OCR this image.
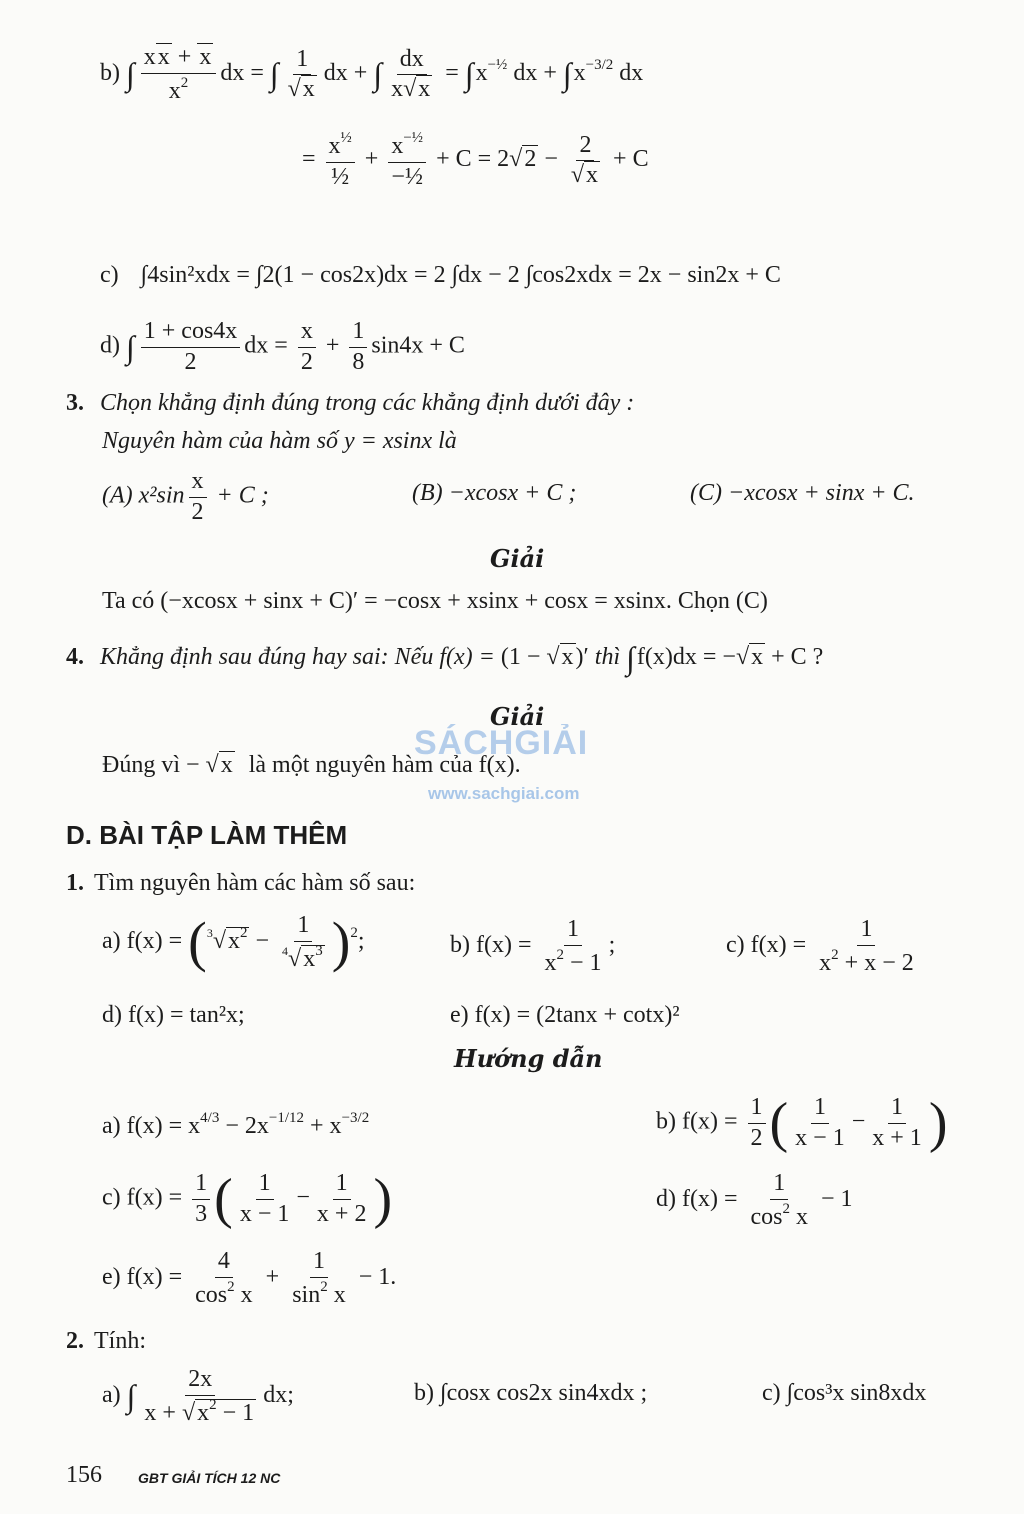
b) ∫ $\frac{xx + x}{x^2}$ dx = ∫ $\frac{1}{√x}$ dx + ∫ $\frac{dx}{x√x} = \int x^{-\frac{1}{2}}$ dx + $\int x^{-3/2}$ dx
= $\frac{x^{\frac{1}{2}}}{\text{½}} + \frac{x^{-\frac{1}{2}}}{\text{−½}} + C = 2√2 - \frac{2}{√x} + C$
c) ∫4sin²xdx = ∫2(1 − cos2x)dx = 2 ∫dx − 2 ∫cos2xdx = 2x − sin2x + C
d) ∫ $\frac{1 + \cos 4x}{2}$ dx = $\frac{x}{2} + \frac{1}{8} \sin 4x + C$
3. Chọn khẳng định đúng trong các khẳng định dưới đây :
Nguyên hàm của hàm số y = xsinx là
(A) $x^2\sin \frac{x}{2} + C$ ;	(B) −xcosx + C ;	(C) −xcosx + sinx + C.
Giải
Ta có (−xcosx + sinx + C)′ = −cosx + xsinx + cosx = xsinx. Chọn (C)
4. Khẳng định sau đúng hay sai: Nếu f(x) = (1 − √x)′ thì ∫f(x)dx = −√x + C ?
Giải
Đúng vì − √x là một nguyên hàm của f(x).
SÁCHGIẢI
www.sachgiai.com
D. BÀI TẬP LÀM THÊM
1. Tìm nguyên hàm các hàm số sau:
a) $f(x) = (^3√x^2 - \frac{1}{^4√x^3} )^2$;	b) $f(x) = \frac{1}{x^2 - 1}$ ;	c) $f(x) = \frac{1}{x^2 + x - 2}$
d) f(x) = tan²x;	e) f(x) = (2tanx + cotx)²
Hướng dẫn
a) $f(x) = x^{4/3} - 2x^{-1/12} + x^{-3/2}$	b) $f(x) = \frac{1}{2}$ ( $\frac{1}{x - 1} - \frac{1}{x + 1}$ )
c) $f(x) = \frac{1}{3}$ ( $\frac{1}{x - 1} - \frac{1}{x + 2}$ )	d) $f(x) = \frac{1}{\cos^2 x} - 1$
e) $f(x) = \frac{4}{\cos^2 x} + \frac{1}{\sin^2 x} - 1$.
2. Tính:
a) ∫ $\frac{2x}{x + √x^2 - 1}$ dx;	b) ∫cosx cos2x sin4xdx ;	c) ∫cos³x sin8xdx
156	GBT GIẢI TÍCH 12 NC
